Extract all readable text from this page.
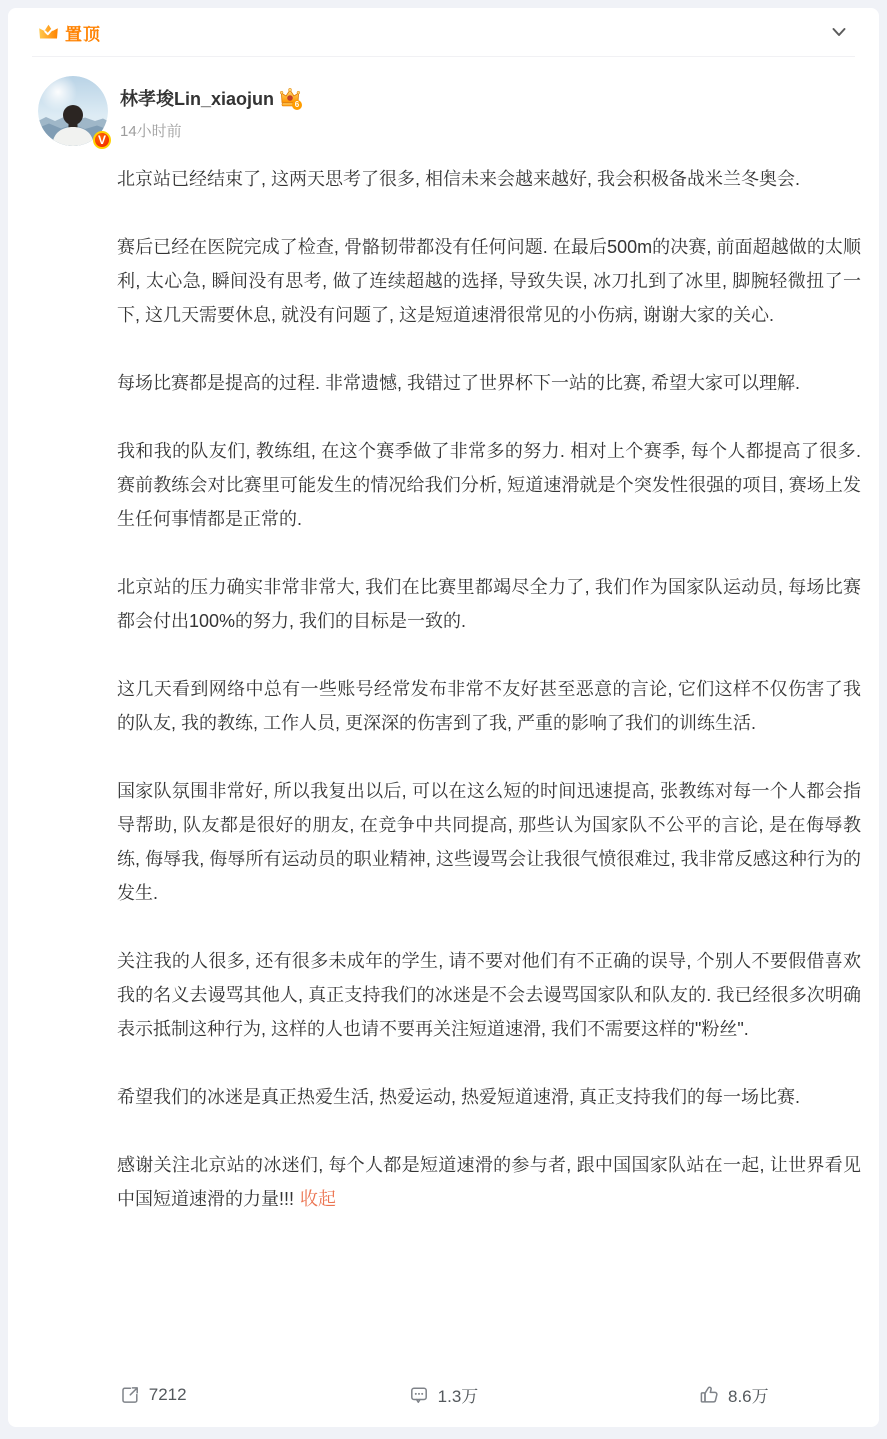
置顶
V
林孝埈Lin_xiaojun	6
14小时前

北京站已经结束了, 这两天思考了很多, 相信未来会越来越好, 我会积极备战米兰冬奥会.

赛后已经在医院完成了检查, 骨骼韧带都没有任何问题. 在最后500m的决赛, 前面超越做的太顺利, 太心急, 瞬间没有思考, 做了连续超越的选择, 导致失误, 冰刀扎到了冰里, 脚腕轻微扭了一下, 这几天需要休息, 就没有问题了, 这是短道速滑很常见的小伤病, 谢谢大家的关心.

每场比赛都是提高的过程. 非常遗憾, 我错过了世界杯下一站的比赛, 希望大家可以理解.

我和我的队友们, 教练组, 在这个赛季做了非常多的努力. 相对上个赛季, 每个人都提高了很多. 赛前教练会对比赛里可能发生的情况给我们分析, 短道速滑就是个突发性很强的项目, 赛场上发生任何事情都是正常的.

北京站的压力确实非常非常大, 我们在比赛里都竭尽全力了, 我们作为国家队运动员, 每场比赛都会付出100%的努力, 我们的目标是一致的.

这几天看到网络中总有一些账号经常发布非常不友好甚至恶意的言论, 它们这样不仅伤害了我的队友, 我的教练, 工作人员, 更深深的伤害到了我, 严重的影响了我们的训练生活.

国家队氛围非常好, 所以我复出以后, 可以在这么短的时间迅速提高, 张教练对每一个人都会指导帮助, 队友都是很好的朋友, 在竞争中共同提高, 那些认为国家队不公平的言论, 是在侮辱教练, 侮辱我, 侮辱所有运动员的职业精神, 这些谩骂会让我很气愤很难过, 我非常反感这种行为的发生.

关注我的人很多, 还有很多未成年的学生, 请不要对他们有不正确的误导, 个别人不要假借喜欢我的名义去谩骂其他人, 真正支持我们的冰迷是不会去谩骂国家队和队友的. 我已经很多次明确表示抵制这种行为, 这样的人也请不要再关注短道速滑, 我们不需要这样的"粉丝".

希望我们的冰迷是真正热爱生活, 热爱运动, 热爱短道速滑, 真正支持我们的每一场比赛.

感谢关注北京站的冰迷们, 每个人都是短道速滑的参与者, 跟中国国家队站在一起, 让世界看见中国短道速滑的力量!!! 收起

7212	1.3万	8.6万
